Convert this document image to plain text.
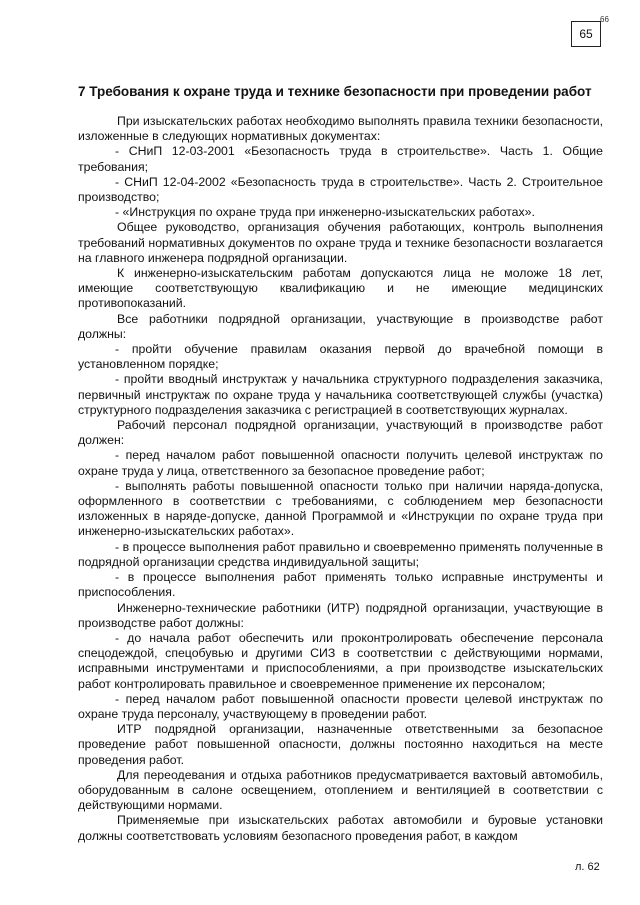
65
66
7 Требования к охране труда и технике безопасности при проведении работ

При изыскательских работах необходимо выполнять правила техники безопасности, изложенные в следующих нормативных документах:

- СНиП 12-03-2001 «Безопасность труда в строительстве». Часть 1. Общие требования;

- СНиП 12-04-2002 «Безопасность труда в строительстве». Часть 2. Строительное производство;

- «Инструкция по охране труда при инженерно-изыскательских работах».

Общее руководство, организация обучения работающих, контроль выполнения требований нормативных документов по охране труда и технике безопасности возлагается на главного инженера подрядной организации.

К инженерно-изыскательским работам допускаются лица не моложе 18 лет, имеющие соответствующую квалификацию и не имеющие медицинских противопоказаний.

Все работники подрядной организации, участвующие в производстве работ должны:

- пройти обучение правилам оказания первой до врачебной помощи в установленном порядке;

- пройти вводный инструктаж у начальника структурного подразделения заказчика, первичный инструктаж по охране труда у начальника соответствующей службы (участка) структурного подразделения заказчика с регистрацией в соответствующих журналах.

Рабочий персонал подрядной организации, участвующий в производстве работ должен:

- перед началом работ повышенной опасности получить целевой инструктаж по охране труда у лица, ответственного за безопасное проведение работ;

- выполнять работы повышенной опасности только при наличии наряда-допуска, оформленного в соответствии с требованиями, с соблюдением мер безопасности изложенных в наряде-допуске, данной Программой и «Инструкции по охране труда при инженерно-изыскательских работах».

- в процессе выполнения работ правильно и своевременно применять полученные в подрядной организации средства индивидуальной защиты;

- в процессе выполнения работ применять только исправные инструменты и приспособления.

Инженерно-технические работники (ИТР) подрядной организации, участвующие в производстве работ должны:

- до начала работ обеспечить или проконтролировать обеспечение персонала спецодеждой, спецобувью и другими СИЗ в соответствии с действующими нормами, исправными инструментами и приспособлениями, а при производстве изыскательских работ контролировать правильное и своевременное применение их персоналом;

- перед началом работ повышенной опасности провести целевой инструктаж по охране труда персоналу, участвующему в проведении работ.

ИТР подрядной организации, назначенные ответственными за безопасное проведение работ повышенной опасности, должны постоянно находиться на месте проведения работ.

Для переодевания и отдыха работников предусматривается вахтовый автомобиль, оборудованным в салоне освещением, отоплением и вентиляцией в соответствии с действующими нормами.

Применяемые при изыскательских работах автомобили и буровые установки должны соответствовать условиям безопасного проведения работ, в каждом

л. 62
